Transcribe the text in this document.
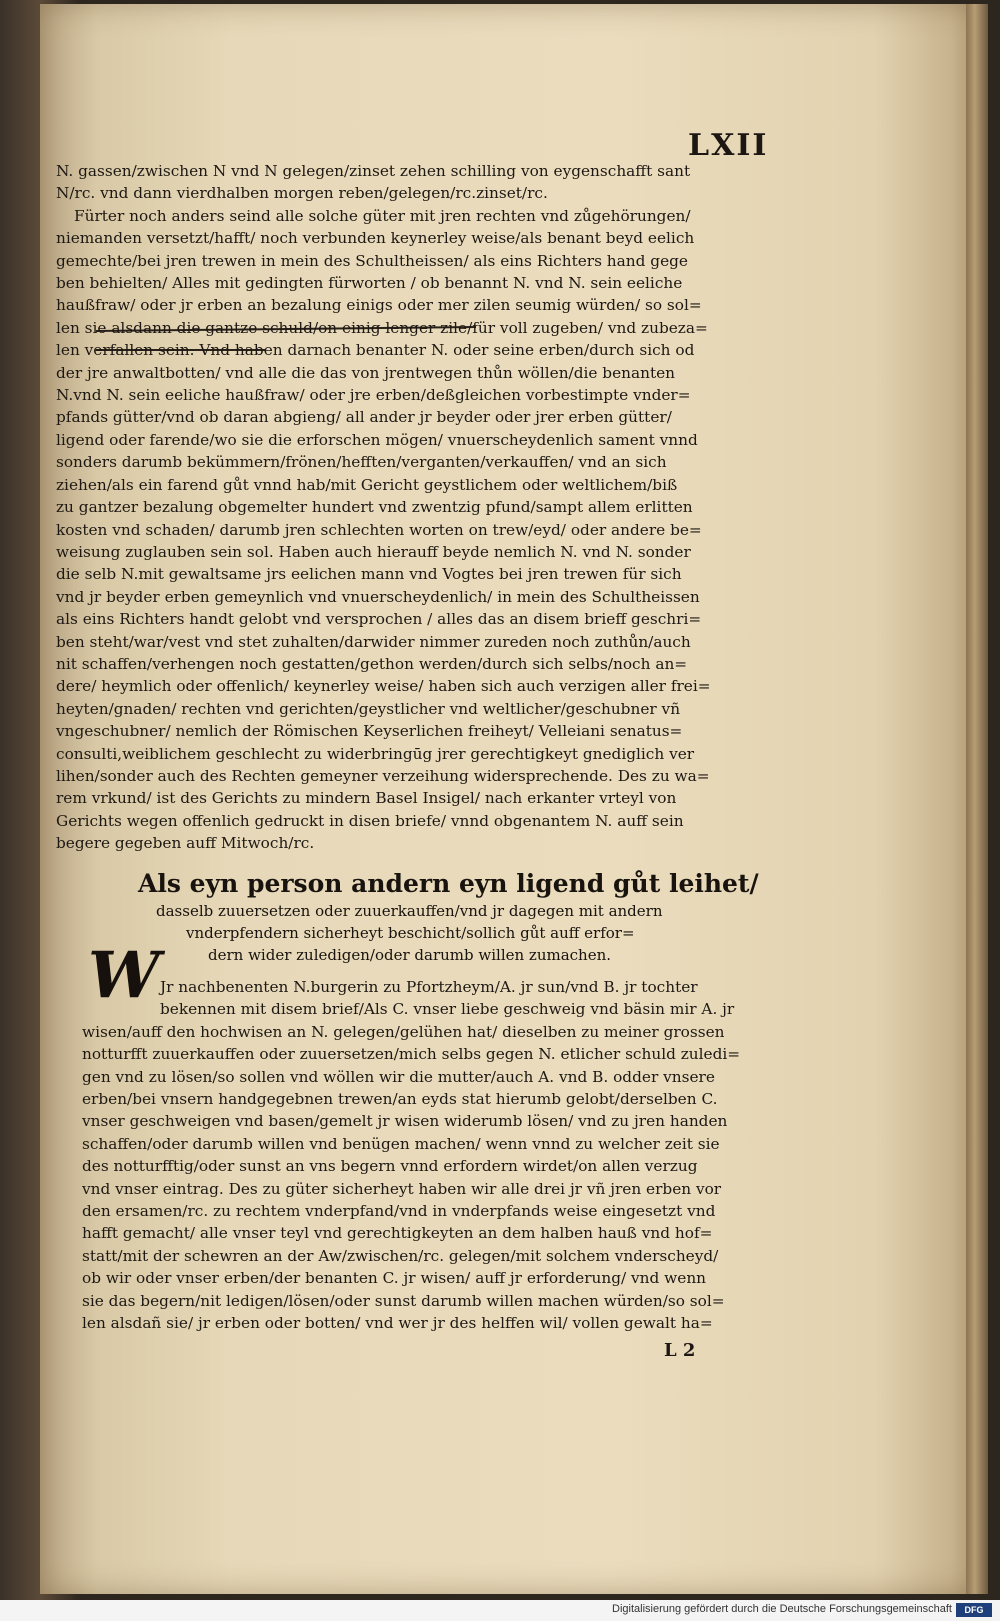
LXII
N. gassen/zwischen N vnd N gelegen/zinset zehen schilling von eygenschafft sant
N/rc. vnd dann vierdhalben morgen reben/gelegen/rc.zinset/rc.
Fürter noch anders seind alle solche güter mit jren rechten vnd zůgehörungen/
niemanden versetzt/hafft/ noch verbunden keynerley weise/als benant beyd eelich
gemechte/bei jren trewen in mein des Schultheissen/ als eins Richters hand gege
ben behielten/ Alles mit gedingten fürworten / ob benannt N. vnd N. sein eeliche
haußfraw/ oder jr erben an bezalung einigs oder mer zilen seumig würden/ so sol=
len sie alsdann die gantze schuld/on einig lenger zile/für voll zugeben/ vnd zubeza=
len verfallen sein. Vnd haben darnach benanter N. oder seine erben/durch sich od
der jre anwaltbotten/ vnd alle die das von jrentwegen thůn wöllen/die benanten
N.vnd N. sein eeliche haußfraw/ oder jre erben/deßgleichen vorbestimpte vnder=
pfands gütter/vnd ob daran abgieng/ all ander jr beyder oder jrer erben gütter/
ligend oder farende/wo sie die erforschen mögen/ vnuerscheydenlich sament vnnd
sonders darumb bekümmern/frönen/hefften/verganten/verkauffen/ vnd an sich
ziehen/als ein farend gůt vnnd hab/mit Gericht geystlichem oder weltlichem/biß
zu gantzer bezalung obgemelter hundert vnd zwentzig pfund/sampt allem erlitten
kosten vnd schaden/ darumb jren schlechten worten on trew/eyd/ oder andere be=
weisung zuglauben sein sol. Haben auch hierauff beyde nemlich N. vnd N. sonder
die selb N.mit gewaltsame jrs eelichen mann vnd Vogtes bei jren trewen für sich
vnd jr beyder erben gemeynlich vnd vnuerscheydenlich/ in mein des Schultheissen
als eins Richters handt gelobt vnd versprochen / alles das an disem brieff geschri=
ben steht/war/vest vnd stet zuhalten/darwider nimmer zureden noch zuthůn/auch
nit schaffen/verhengen noch gestatten/gethon werden/durch sich selbs/noch an=
dere/ heymlich oder offenlich/ keynerley weise/ haben sich auch verzigen aller frei=
heyten/gnaden/ rechten vnd gerichten/geystlicher vnd weltlicher/geschubner vñ
vngeschubner/ nemlich der Römischen Keyserlichen freiheyt/ Velleiani senatus=
consulti,weiblichem geschlecht zu widerbringūg jrer gerechtigkeyt gnediglich ver
lihen/sonder auch des Rechten gemeyner verzeihung widersprechende. Des zu wa=
rem vrkund/ ist des Gerichts zu mindern Basel Insigel/ nach erkanter vrteyl von
Gerichts wegen offenlich gedruckt in disen briefe/ vnnd obgenantem N. auff sein
begere gegeben auff Mitwoch/rc.
Als eyn person andern eyn ligend gůt leihet/
dasselb zuuersetzen oder zuuerkauffen/vnd jr dagegen mit andern
vnderpfendern sicherheyt beschicht/sollich gůt auff erfor=
dern wider zuledigen/oder darumb willen zumachen.
W Jr nachbenenten N.burgerin zu Pfortzheym/A. jr sun/vnd B. jr tochter
bekennen mit disem brief/Als C. vnser liebe geschweig vnd bäsin mir A. jr
wisen/auff den hochwisen an N. gelegen/gelühen hat/ dieselben zu meiner grossen
notturfft zuuerkauffen oder zuuersetzen/mich selbs gegen N. etlicher schuld zuledi=
gen vnd zu lösen/so sollen vnd wöllen wir die mutter/auch A. vnd B. odder vnsere
erben/bei vnsern handgegebnen trewen/an eyds stat hierumb gelobt/derselben C.
vnser geschweigen vnd basen/gemelt jr wisen widerumb lösen/ vnd zu jren handen
schaffen/oder darumb willen vnd benügen machen/ wenn vnnd zu welcher zeit sie
des notturfftig/oder sunst an vns begern vnnd erfordern wirdet/on allen verzug
vnd vnser eintrag. Des zu güter sicherheyt haben wir alle drei jr vñ jren erben vor
den ersamen/rc. zu rechtem vnderpfand/vnd in vnderpfands weise eingesetzt vnd
hafft gemacht/ alle vnser teyl vnd gerechtigkeyten an dem halben hauß vnd hof=
statt/mit der schewren an der Aw/zwischen/rc. gelegen/mit solchem vnderscheyd/
ob wir oder vnser erben/der benanten C. jr wisen/ auff jr erforderung/ vnd wenn
sie das begern/nit ledigen/lösen/oder sunst darumb willen machen würden/so sol=
len alsdañ sie/ jr erben oder botten/ vnd wer jr des helffen wil/ vollen gewalt ha=
L 2
Digitalisierung gefördert durch die Deutsche Forschungsgemeinschaft	DFG
